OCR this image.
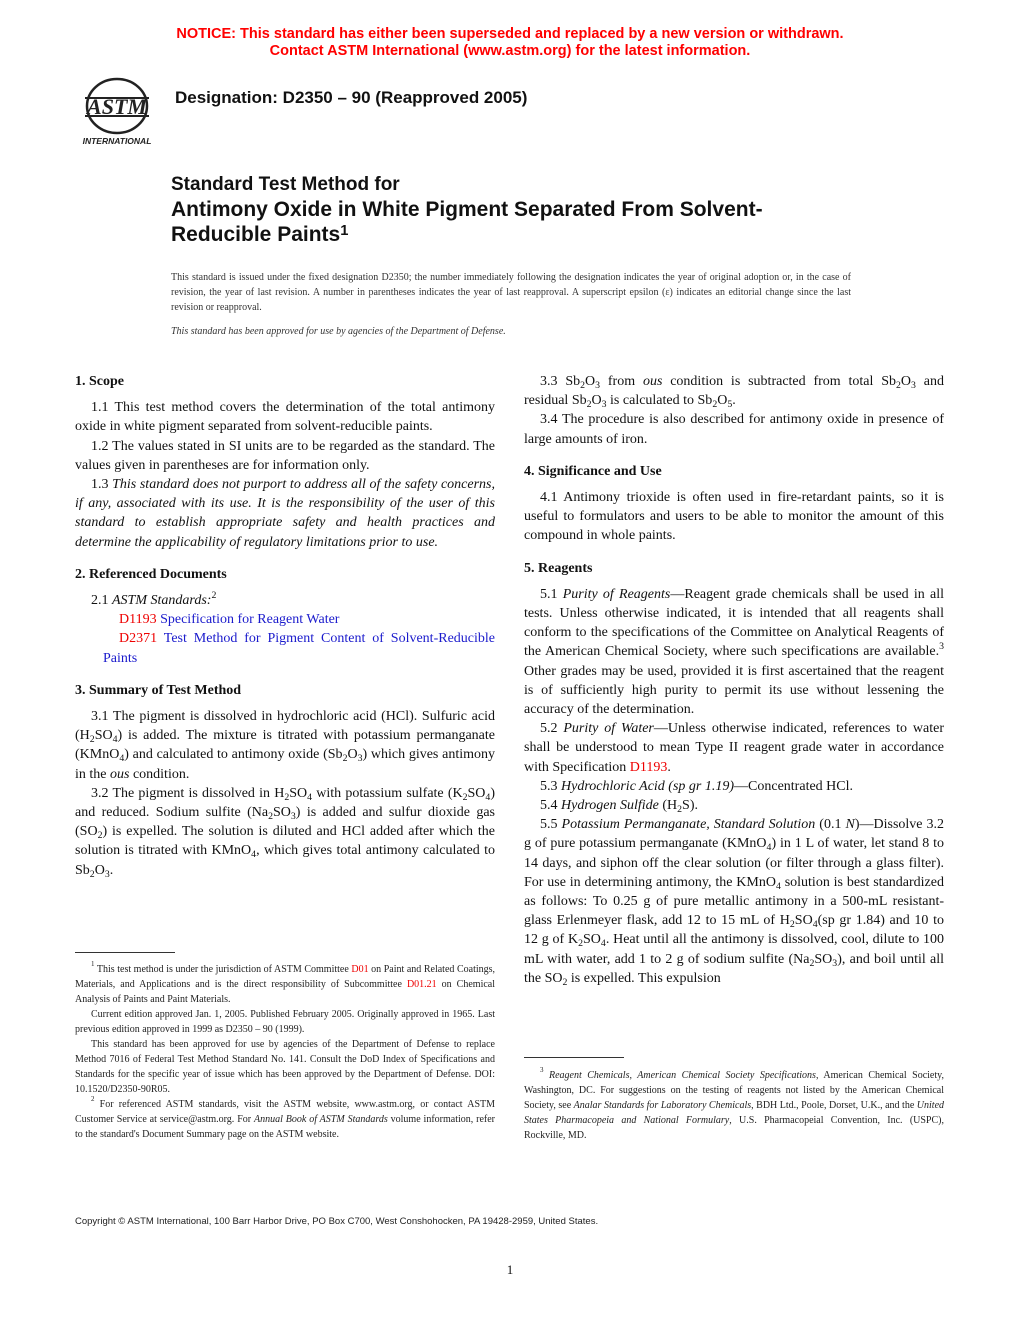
NOTICE: This standard has either been superseded and replaced by a new version or withdrawn.
Contact ASTM International (www.astm.org) for the latest information.
ASTM
INTERNATIONAL
Designation: D2350 – 90 (Reapproved 2005)
Standard Test Method for
Antimony Oxide in White Pigment Separated From Solvent-
Reducible Paints$^1$
This standard is issued under the fixed designation D2350; the number immediately following the designation indicates the year of original adoption or, in the case of revision, the year of last revision. A number in parentheses indicates the year of last reapproval. A superscript epsilon (ε) indicates an editorial change since the last revision or reapproval.
This standard has been approved for use by agencies of the Department of Defense.
1. Scope

1.1 This test method covers the determination of the total antimony oxide in white pigment separated from solvent-reducible paints.

1.2 The values stated in SI units are to be regarded as the standard. The values given in parentheses are for information only.

1.3 This standard does not purport to address all of the safety concerns, if any, associated with its use. It is the responsibility of the user of this standard to establish appropriate safety and health practices and determine the applicability of regulatory limitations prior to use.

2. Referenced Documents

2.1 ASTM Standards:$^2$

D1193 Specification for Reagent Water

D2371 Test Method for Pigment Content of Solvent-Reducible Paints

3. Summary of Test Method

3.1 The pigment is dissolved in hydrochloric acid (HCl). Sulfuric acid $(H_2SO_4)$ is added. The mixture is titrated with potassium permanganate (KMnO$_4$) and calculated to antimony oxide $(Sb_2O_3)$ which gives antimony in the ous condition.

3.2 The pigment is dissolved in $H_2SO_4$ with potassium sulfate $(K_2SO_4)$ and reduced. Sodium sulfite $(Na_2SO_3)$ is added and sulfur dioxide gas $(SO_2)$ is expelled. The solution is diluted and HCl added after which the solution is titrated with KMnO$_4$, which gives total antimony calculated to $Sb_2O_3$.

$^1$ This test method is under the jurisdiction of ASTM Committee D01 on Paint and Related Coatings, Materials, and Applications and is the direct responsibility of Subcommittee D01.21 on Chemical Analysis of Paints and Paint Materials.

Current edition approved Jan. 1, 2005. Published February 2005. Originally approved in 1965. Last previous edition approved in 1999 as D2350 – 90 (1999).

This standard has been approved for use by agencies of the Department of Defense to replace Method 7016 of Federal Test Method Standard No. 141. Consult the DoD Index of Specifications and Standards for the specific year of issue which has been approved by the Department of Defense. DOI: 10.1520/D2350-90R05.

$^2$ For referenced ASTM standards, visit the ASTM website, www.astm.org, or contact ASTM Customer Service at service@astm.org. For Annual Book of ASTM Standards volume information, refer to the standard's Document Summary page on the ASTM website.

3.3 $Sb_2O_3$ from ous condition is subtracted from total $Sb_2O_3$ and residual $Sb_2O_3$ is calculated to $Sb_2O_5$.

3.4 The procedure is also described for antimony oxide in presence of large amounts of iron.

4. Significance and Use

4.1 Antimony trioxide is often used in fire-retardant paints, so it is useful to formulators and users to be able to monitor the amount of this compound in whole paints.

5. Reagents

5.1 Purity of Reagents—Reagent grade chemicals shall be used in all tests. Unless otherwise indicated, it is intended that all reagents shall conform to the specifications of the Committee on Analytical Reagents of the American Chemical Society, where such specifications are available.$^3$ Other grades may be used, provided it is first ascertained that the reagent is of sufficiently high purity to permit its use without lessening the accuracy of the determination.

5.2 Purity of Water—Unless otherwise indicated, references to water shall be understood to mean Type II reagent grade water in accordance with Specification D1193.

5.3 Hydrochloric Acid (sp gr 1.19)—Concentrated HCl.

5.4 Hydrogen Sulfide $(H_2S)$.

5.5 Potassium Permanganate, Standard Solution (0.1 N)—Dissolve 3.2 g of pure potassium permanganate (KMnO$_4$) in 1 L of water, let stand 8 to 14 days, and siphon off the clear solution (or filter through a glass filter). For use in determining antimony, the KMnO$_4$ solution is best standardized as follows: To 0.25 g of pure metallic antimony in a 500-mL resistant-glass Erlenmeyer flask, add 12 to 15 mL of $H_2SO_4(sp$ gr 1.84) and 10 to 12 g of $K_2SO_4$. Heat until all the antimony is dissolved, cool, dilute to 100 mL with water, add 1 to 2 g of sodium sulfite $(Na_2SO_3)$, and boil until all the $SO_2$ is expelled. This expulsion

$^3$ Reagent Chemicals, American Chemical Society Specifications, American Chemical Society, Washington, DC. For suggestions on the testing of reagents not listed by the American Chemical Society, see Analar Standards for Laboratory Chemicals, BDH Ltd., Poole, Dorset, U.K., and the United States Pharmacopeia and National Formulary, U.S. Pharmacopeial Convention, Inc. (USPC), Rockville, MD.

Copyright © ASTM International, 100 Barr Harbor Drive, PO Box C700, West Conshohocken, PA 19428-2959, United States.
1
